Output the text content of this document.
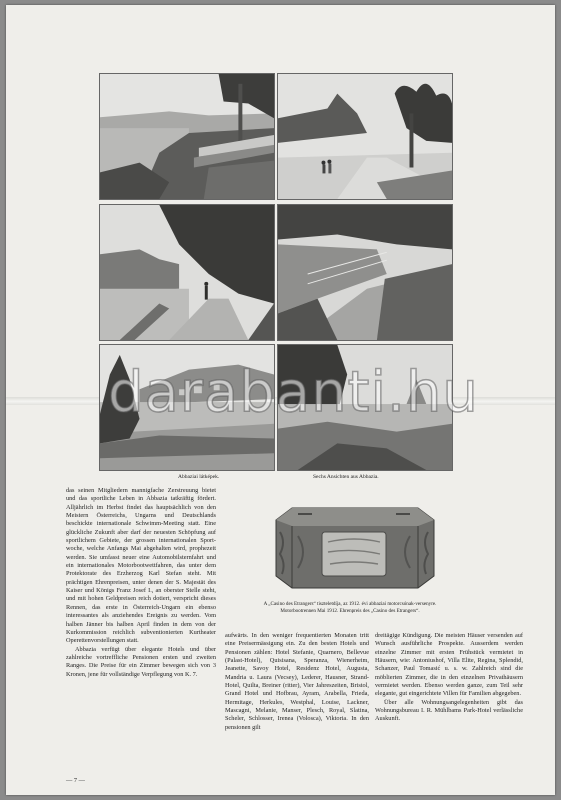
Abbaziai látképek.	Sechs Ansichten aus Abbazia.

das seinen Mitgliedern mannigfache Zerstreuung bietet und das sportliche Leben in Abbazia tatkräftig fördert. Alljährlich im Herbst findet das hauptsächlich von den Meistern Österreichs, Ungarns und Deutschlands beschickte internationale Schwimm-Meeting statt. Eine glückliche Zukunft aber darf der neuesten Schöpfung auf sportlichem Gebiete, der grossen internationalen Sportwoche, welche Anfangs Mai abgehalten wird, prophezeit werden. Sie umfasst neuer eine Automobilsternfahrt und ein internationales Motorbootwettfahren, das unter dem Protektorate des Erzherzog Karl Stefan steht. Mit prächtigen Ehrenpreisen, unter denen der S. Majestät des Kaiser und Königs Franz Josef I., an oberster Stelle steht, und mit hohen Geldpreisen reich dotiert, verspricht dieses Rennen, das erste in Österreich-Ungarn ein ebenso interessantes als anziehendes Ereignis zu werden. Vom halben Jänner bis halben April finden in dem von der Kurkommission reichlich subventionierten Kurtheater Operettenvorstellungen statt.

Abbazia verfügt über elegante Hotels und über zahlreiche vortreffliche Pensionen ersten und zweiten Ranges. Die Preise für ein Zimmer bewegen sich von 3 Kronen, jene für vollständige Verpflegung von K. 7.

— 7 —
A „Casino des Etrangers“ tiszteletdíja, az 1912. évi abbaziai motorcsónak-versenyre.
Motorbootrennen Mai 1912. Ehrenpreis des „Casino des Etrangers“.

aufwärts. In den weniger frequentierten Monaten tritt eine Preisermässigung ein. Zu den besten Hotels und Pensionen zählen: Hotel Stefanie, Quarnero, Bellevue (Palast-Hotel), Quisisana, Speranza, Wienerheim, Jeanette, Savoy Hotel, Residenz Hotel, Augusta, Mandria u. Laura (Vecsey), Lederer, Hausner, Strand-Hotel, Quilta, Breiner (ritter), Vier Jahreszeiten, Bristol, Grand Hotel und Hofbrau, Ayram, Arabella, Frieda, Hermitage, Herkules, Westphal, Louise, Lackner, Mascagni, Melanie, Manser, Plesch, Royal, Slatina, Scheler, Schlosser, Irenea (Volosca), Viktoria. In den pensionen gilt

dreitägige Kündigung. Die meisten Häuser versenden auf Wunsch ausführliche Prospekte. Ausserdem werden einzelne Zimmer mit ersten Frühstück vermietet in Häusern, wie: Antoniushof, Villa Elite, Regina, Splendid, Schanzer, Paul Tomasić u. s. w. Zahlreich sind die möblierten Zimmer, die in den einzelnen Privathäusern vermietet werden. Ebenso werden ganze, zum Teil sehr elegante, gut eingerichtete Villen für Familien abgegeben.

Über alle Wohnungsangelegenheiten gibt das Wohnungsbureau I. R. Mühlbams Park-Hotel verlässliche Auskunft.

darabanti.hu
